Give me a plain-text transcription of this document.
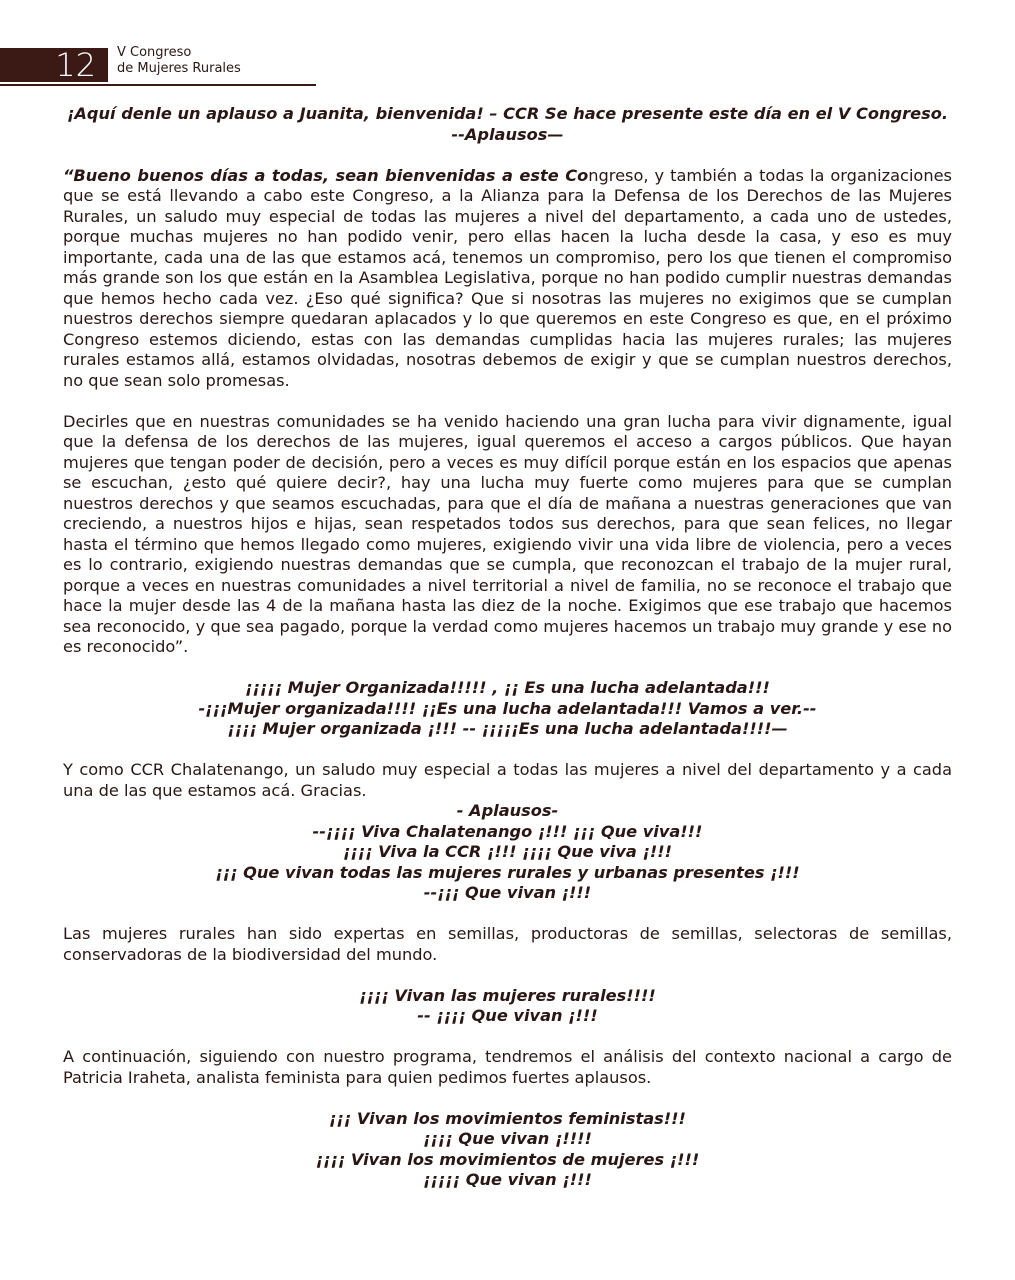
12	V Congreso
de Mujeres Rurales

¡Aquí denle un aplauso a Juanita, bienvenida! – CCR Se hace presente este día en el V Congreso.

--Aplausos—

“Bueno buenos días a todas, sean bienvenidas a este Congreso, y también a todas la organizaciones que se está llevando a cabo este Congreso, a la Alianza para la Defensa de los Derechos de las Mujeres Rurales, un saludo muy especial de todas las mujeres a nivel del departamento, a cada uno de ustedes, porque muchas mujeres no han podido venir, pero ellas hacen la lucha desde la casa, y eso es muy importante, cada una de las que estamos acá, tenemos un compromiso, pero los que tienen el compromiso más grande son los que están en la Asamblea Legislativa, porque no han podido cumplir nuestras demandas que hemos hecho cada vez. ¿Eso qué significa? Que si nosotras las mujeres no exigimos que se cumplan nuestros derechos siempre quedaran aplacados y lo que queremos en este Congreso es que, en el próximo Congreso estemos diciendo, estas con las demandas cumplidas hacia las mujeres rurales; las mujeres rurales estamos allá, estamos olvidadas, nosotras debemos de exigir y que se cumplan nuestros derechos, no que sean solo promesas.

Decirles que en nuestras comunidades se ha venido haciendo una gran lucha para vivir dignamente, igual que la defensa de los derechos de las mujeres, igual queremos el acceso a cargos públicos. Que hayan mujeres que tengan poder de decisión, pero a veces es muy difícil porque están en los espacios que apenas se escuchan, ¿esto qué quiere decir?, hay una lucha muy fuerte como mujeres para que se cumplan nuestros derechos y que seamos escuchadas, para que el día de mañana a nuestras generaciones que van creciendo, a nuestros hijos e hijas, sean respetados todos sus derechos, para que sean felices, no llegar hasta el término que hemos llegado como mujeres, exigiendo vivir una vida libre de violencia, pero a veces es lo contrario, exigiendo nuestras demandas que se cumpla, que reconozcan el trabajo de la mujer rural, porque a veces en nuestras comunidades a nivel territorial a nivel de familia, no se reconoce el trabajo que hace la mujer desde las 4 de la mañana hasta las diez de la noche. Exigimos que ese trabajo que hacemos sea reconocido, y que sea pagado, porque la verdad como mujeres hacemos un trabajo muy grande y ese no es reconocido”.

¡¡¡¡¡ Mujer Organizada!!!!! , ¡¡ Es una lucha adelantada!!!

-¡¡¡Mujer organizada!!!! ¡¡Es una lucha adelantada!!! Vamos a ver.--

¡¡¡¡ Mujer organizada ¡!!! -- ¡¡¡¡¡Es una lucha adelantada!!!!—

Y como CCR Chalatenango, un saludo muy especial a todas las mujeres a nivel del departamento y a cada una de las que estamos acá. Gracias.

- Aplausos-

--¡¡¡¡ Viva Chalatenango ¡!!! ¡¡¡ Que viva!!!

¡¡¡¡ Viva la CCR ¡!!! ¡¡¡¡ Que viva ¡!!!

¡¡¡ Que vivan todas las mujeres rurales y urbanas presentes ¡!!!

--¡¡¡ Que vivan ¡!!!

Las mujeres rurales han sido expertas en semillas, productoras de semillas, selectoras de semillas, conservadoras de la biodiversidad del mundo.

¡¡¡¡ Vivan las mujeres rurales!!!!

-- ¡¡¡¡ Que vivan ¡!!!

A continuación, siguiendo con nuestro programa, tendremos el análisis del contexto nacional a cargo de Patricia Iraheta, analista feminista para quien pedimos fuertes aplausos.

¡¡¡ Vivan los movimientos feministas!!!

¡¡¡¡ Que vivan ¡!!!!

¡¡¡¡ Vivan los movimientos de mujeres ¡!!!

¡¡¡¡¡ Que vivan ¡!!!
